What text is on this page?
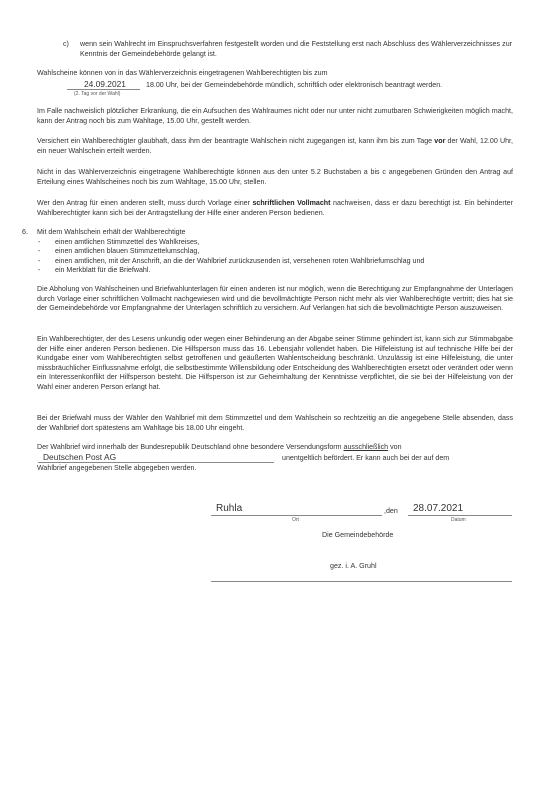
c) wenn sein Wahlrecht im Einspruchsverfahren festgestellt worden und die Feststellung erst nach Abschluss des Wählerverzeichnisses zur Kenntnis der Gemeindebehörde gelangt ist.
Wahlscheine können von in das Wählerverzeichnis eingetragenen Wahlberechtigten bis zum
24.09.2021
(2. Tag vor der Wahl)
18.00 Uhr, bei der Gemeindebehörde mündlich, schriftlich oder elektronisch beantragt werden.
Im Falle nachweislich plötzlicher Erkrankung, die ein Aufsuchen des Wahlraumes nicht oder nur unter nicht zumutbaren Schwierigkeiten möglich macht, kann der Antrag noch bis zum Wahltage, 15.00 Uhr, gestellt werden.
Versichert ein Wahlberechtigter glaubhaft, dass ihm der beantragte Wahlschein nicht zugegangen ist, kann ihm bis zum Tage vor der Wahl, 12.00 Uhr, ein neuer Wahlschein erteilt werden.
Nicht in das Wählerverzeichnis eingetragene Wahlberechtigte können aus den unter 5.2 Buchstaben a bis c angegebenen Gründen den Antrag auf Erteilung eines Wahlscheines noch bis zum Wahltage, 15.00 Uhr, stellen.
Wer den Antrag für einen anderen stellt, muss durch Vorlage einer schriftlichen Vollmacht nachweisen, dass er dazu berechtigt ist. Ein behinderter Wahlberechtigter kann sich bei der Antragstellung der Hilfe einer anderen Person bedienen.
6. Mit dem Wahlschein erhält der Wahlberechtigte
- einen amtlichen Stimmzettel des Wahlkreises,
- einen amtlichen blauen Stimmzettelumschlag,
- einen amtlichen, mit der Anschrift, an die der Wahlbrief zurückzusenden ist, versehenen roten Wahlbriefumschlag und
- ein Merkblatt für die Briefwahl.
Die Abholung von Wahlscheinen und Briefwahlunterlagen für einen anderen ist nur möglich, wenn die Berechtigung zur Empfangnahme der Unterlagen durch Vorlage einer schriftlichen Vollmacht nachgewiesen wird und die bevollmächtigte Person nicht mehr als vier Wahlberechtigte vertritt; dies hat sie der Gemeindebehörde vor Empfangnahme der Unterlagen schriftlich zu versichern. Auf Verlangen hat sich die bevollmächtigte Person auszuweisen.
Ein Wahlberechtigter, der des Lesens unkundig oder wegen einer Behinderung an der Abgabe seiner Stimme gehindert ist, kann sich zur Stimmabgabe der Hilfe einer anderen Person bedienen. Die Hilfsperson muss das 16. Lebensjahr vollendet haben. Die Hilfeleistung ist auf technische Hilfe bei der Kundgabe einer vom Wahlberechtigten selbst getroffenen und geäußerten Wahlentscheidung beschränkt. Unzulässig ist eine Hilfeleistung, die unter missbräuchlicher Einflussnahme erfolgt, die selbstbestimmte Willensbildung oder Entscheidung des Wahlberechtigten ersetzt oder verändert oder wenn ein Interessenkonflikt der Hilfsperson besteht. Die Hilfsperson ist zur Geheimhaltung der Kenntnisse verpflichtet, die sie bei der Hilfeleistung von der Wahl einer anderen Person erlangt hat.
Bei der Briefwahl muss der Wähler den Wahlbrief mit dem Stimmzettel und dem Wahlschein so rechtzeitig an die angegebene Stelle absenden, dass der Wahlbrief dort spätestens am Wahltage bis 18.00 Uhr eingeht.
Der Wahlbrief wird innerhalb der Bundesrepublik Deutschland ohne besondere Versendungsform ausschließlich von
Deutschen Post AG	unentgeltlich befördert. Er kann auch bei der auf dem
Wahlbrief angegebenen Stelle abgegeben werden.
Ruhla
Ort
,den 28.07.2021
Datum
Die Gemeindebehörde
gez. i. A. Gruhl
